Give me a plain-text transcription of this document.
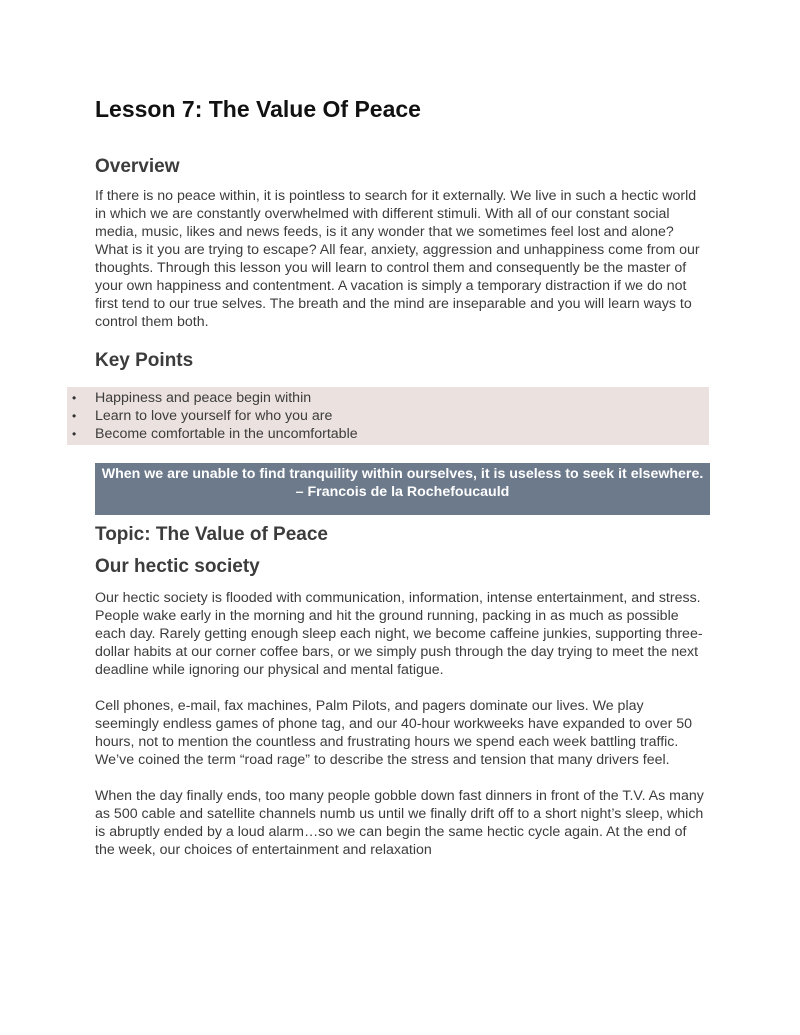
Lesson 7: The Value Of Peace
Overview

If there is no peace within, it is pointless to search for it externally. We live in such a hectic world in which we are constantly overwhelmed with different stimuli. With all of our constant social media, music, likes and news feeds, is it any wonder that we sometimes feel lost and alone? What is it you are trying to escape? All fear, anxiety, aggression and unhappiness come from our thoughts. Through this lesson you will learn to control them and consequently be the master of your own happiness and contentment. A vacation is simply a temporary distraction if we do not first tend to our true selves. The breath and the mind are inseparable and you will learn ways to control them both.

Key Points
• Happiness and peace begin within
• Learn to love yourself for who you are
• Become comfortable in the uncomfortable
When we are unable to find tranquility within ourselves, it is useless to seek it elsewhere.
– Francois de la Rochefoucauld
Topic: The Value of Peace
Our hectic society

Our hectic society is flooded with communication, information, intense entertainment, and stress. People wake early in the morning and hit the ground running, packing in as much as possible each day. Rarely getting enough sleep each night, we become caffeine junkies, supporting three-dollar habits at our corner coffee bars, or we simply push through the day trying to meet the next deadline while ignoring our physical and mental fatigue.

Cell phones, e-mail, fax machines, Palm Pilots, and pagers dominate our lives. We play seemingly endless games of phone tag, and our 40-hour workweeks have expanded to over 50 hours, not to mention the countless and frustrating hours we spend each week battling traffic. We’ve coined the term “road rage” to describe the stress and tension that many drivers feel.

When the day finally ends, too many people gobble down fast dinners in front of the T.V. As many as 500 cable and satellite channels numb us until we finally drift off to a short night’s sleep, which is abruptly ended by a loud alarm…so we can begin the same hectic cycle again. At the end of the week, our choices of entertainment and relaxation
